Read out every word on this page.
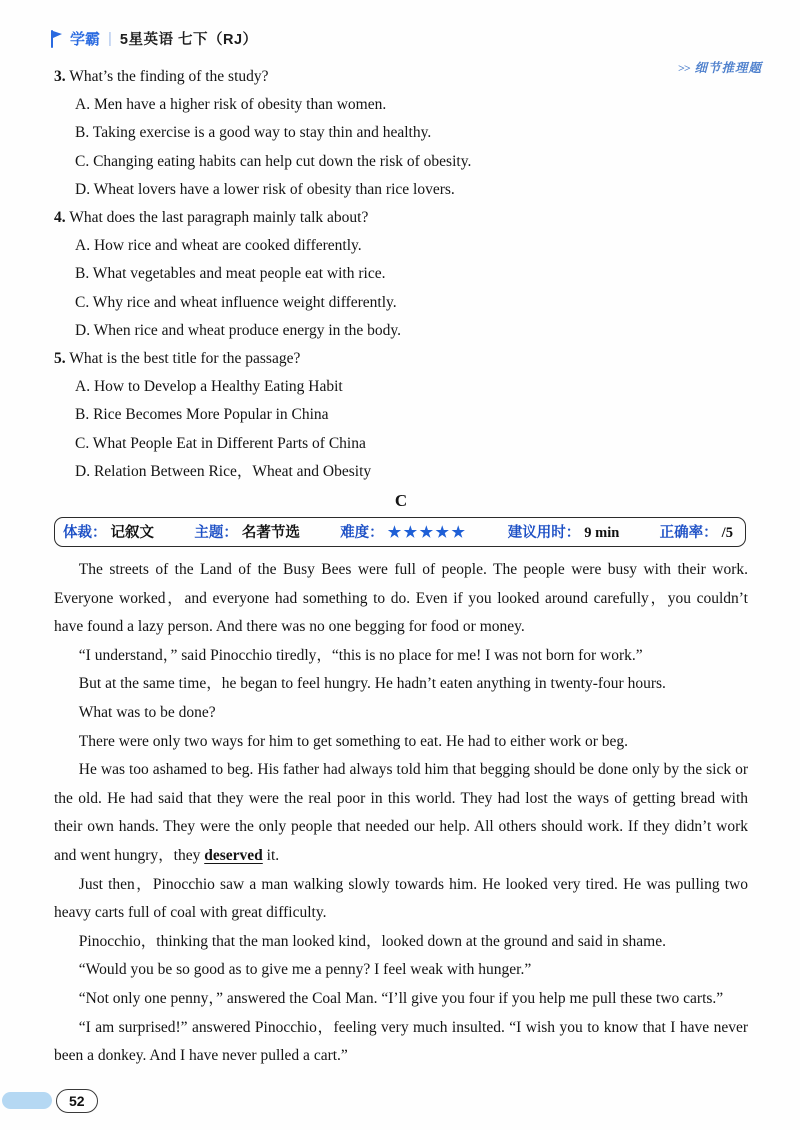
学霸 | 5星英语 七下（RJ）
>> 细节推理题
3. What’s the finding of the study?
A. Men have a higher risk of obesity than women.
B. Taking exercise is a good way to stay thin and healthy.
C. Changing eating habits can help cut down the risk of obesity.
D. Wheat lovers have a lower risk of obesity than rice lovers.
4. What does the last paragraph mainly talk about?
A. How rice and wheat are cooked differently.
B. What vegetables and meat people eat with rice.
C. Why rice and wheat influence weight differently.
D. When rice and wheat produce energy in the body.
5. What is the best title for the passage?
A. How to Develop a Healthy Eating Habit
B. Rice Becomes More Popular in China
C. What People Eat in Different Parts of China
D. Relation Between Rice，Wheat and Obesity
C
体裁： 记叙文	主题： 名著节选	难度： ★★★★★	建议用时： 9 min	正确率： /5

The streets of the Land of the Busy Bees were full of people. The people were busy with their work. Everyone worked，and everyone had something to do. Even if you looked around carefully，you couldn’t have found a lazy person. And there was no one begging for food or money.

“I understand，” said Pinocchio tiredly，“this is no place for me! I was not born for work.”

But at the same time，he began to feel hungry. He hadn’t eaten anything in twenty-four hours.

What was to be done?

There were only two ways for him to get something to eat. He had to either work or beg.

He was too ashamed to beg. His father had always told him that begging should be done only by the sick or the old. He had said that they were the real poor in this world. They had lost the ways of getting bread with their own hands. They were the only people that needed our help. All others should work. If they didn’t work and went hungry，they deserved it.

Just then，Pinocchio saw a man walking slowly towards him. He looked very tired. He was pulling two heavy carts full of coal with great difficulty.

Pinocchio，thinking that the man looked kind，looked down at the ground and said in shame.

“Would you be so good as to give me a penny? I feel weak with hunger.”

“Not only one penny，” answered the Coal Man. “I’ll give you four if you help me pull these two carts.”

“I am surprised!” answered Pinocchio，feeling very much insulted. “I wish you to know that I have never been a donkey. And I have never pulled a cart.”

52
